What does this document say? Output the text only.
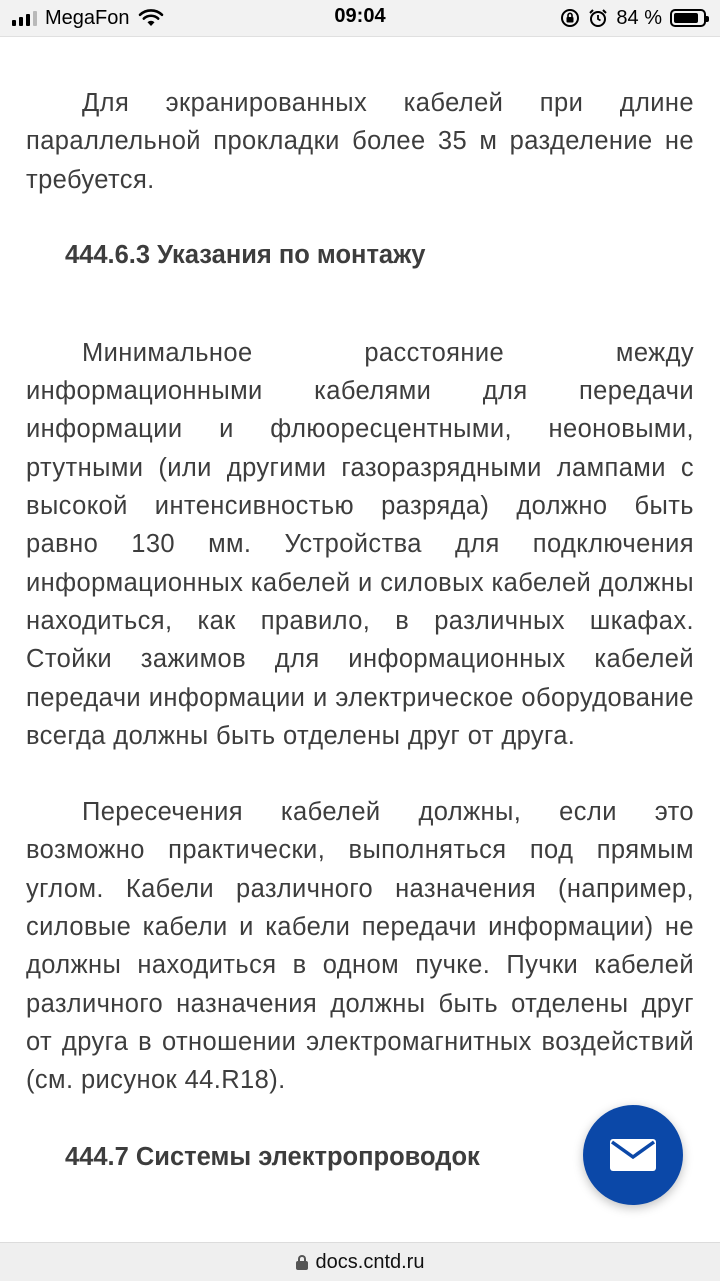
MegaFon	09:04	84 %

Для экранированных кабелей при длине параллельной прокладки более 35 м разделение не требуется.

444.6.3 Указания по монтажу

Минимальное расстояние между информационными кабелями для передачи информации и флюоресцентными, неоновыми, ртутными (или другими газоразрядными лампами с высокой интенсивностью разряда) должно быть равно 130 мм. Устройства для подключения информационных кабелей и силовых кабелей должны находиться, как правило, в различных шкафах. Стойки зажимов для информационных кабелей передачи информации и электрическое оборудование всегда должны быть отделены друг от друга.

Пересечения кабелей должны, если это возможно практически, выполняться под прямым углом. Кабели различного назначения (например, силовые кабели и кабели передачи информации) не должны находиться в одном пучке. Пучки кабелей различного назначения должны быть отделены друг от друга в отношении электромагнитных воздействий (см. рисунок 44.R18).

444.7 Системы электропроводок
docs.cntd.ru
